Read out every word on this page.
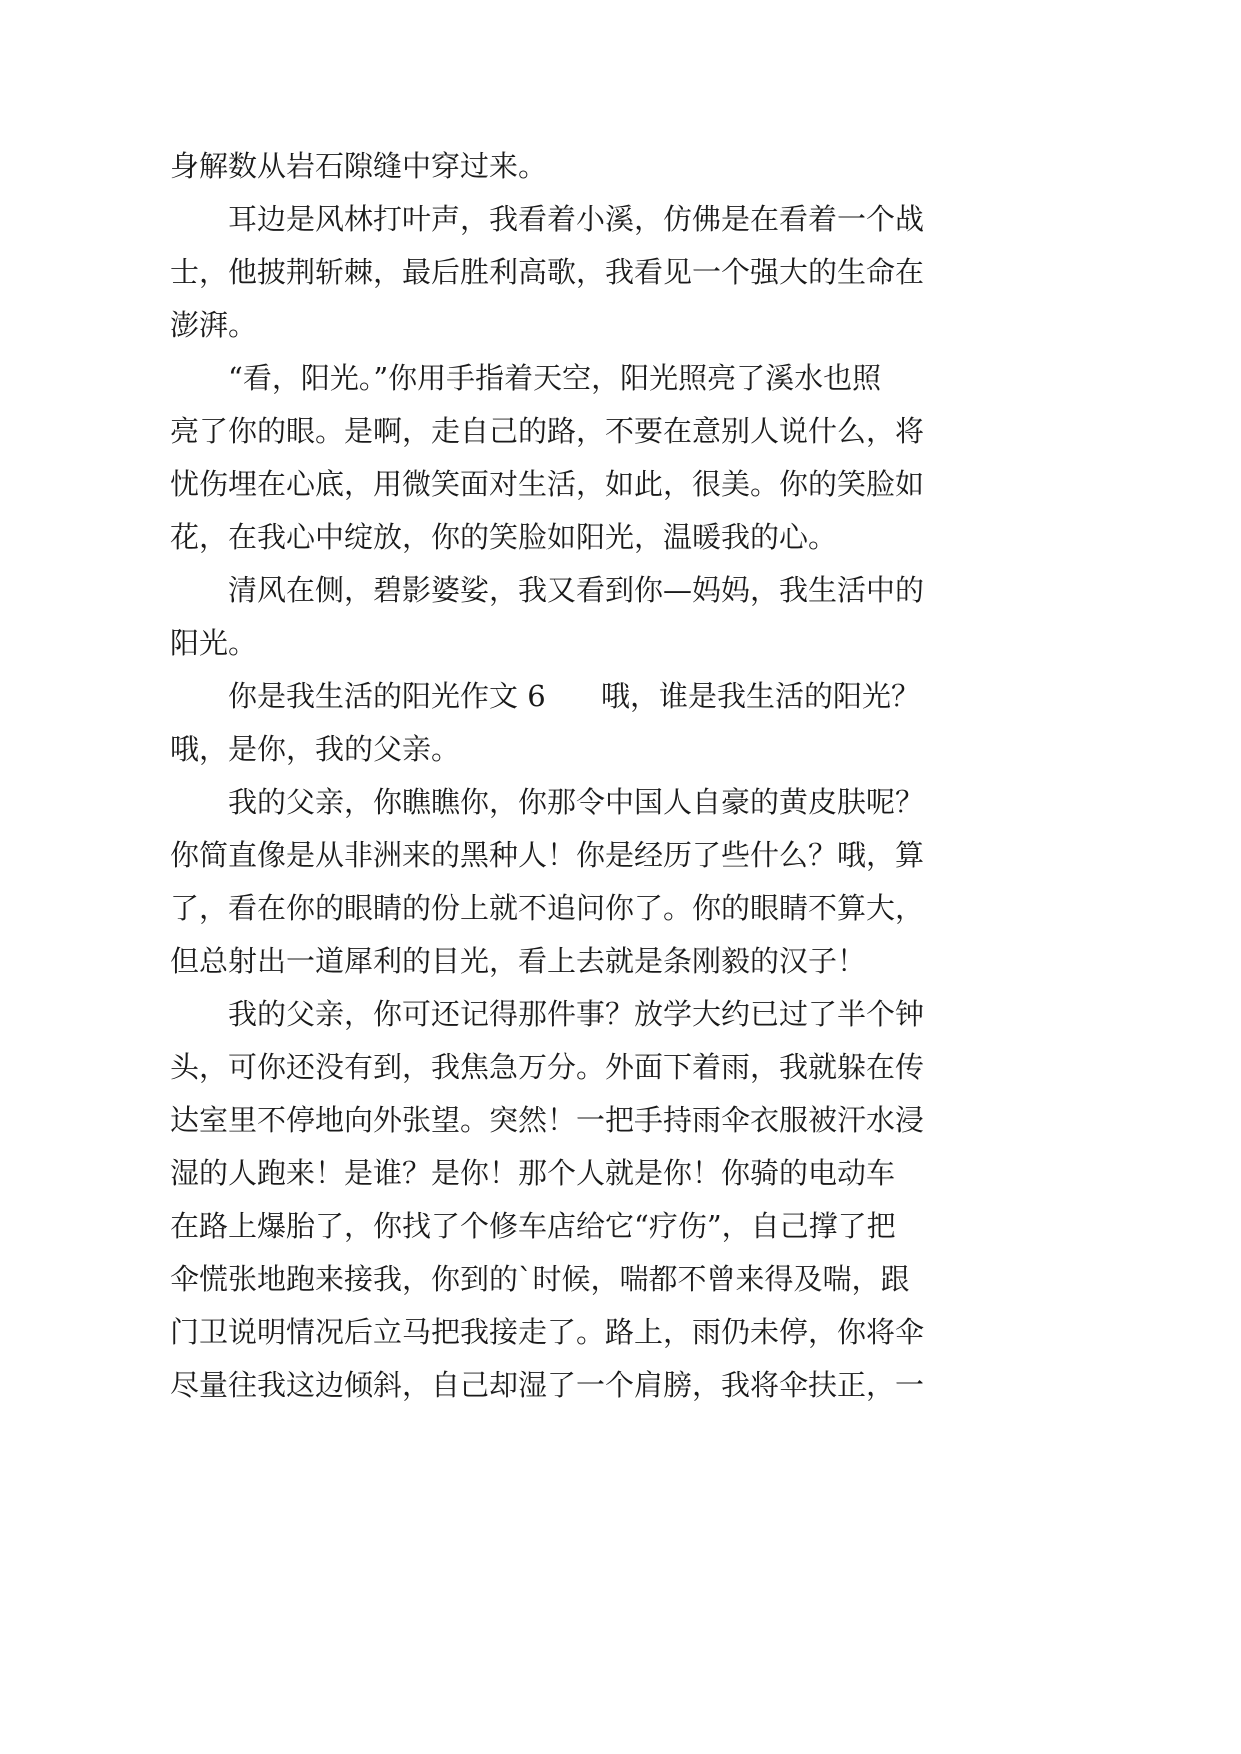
身解数从岩石隙缝中穿过来。
耳边是风林打叶声，我看着小溪，仿佛是在看着一个战
士，他披荆斩棘，最后胜利高歌，我看见一个强大的生命在
澎湃。
“看，阳光。”你用手指着天空，阳光照亮了溪水也照
亮了你的眼。是啊，走自己的路，不要在意别人说什么，将
忧伤埋在心底，用微笑面对生活，如此，很美。你的笑脸如
花，在我心中绽放，你的笑脸如阳光，温暖我的心。
清风在侧，碧影婆娑，我又看到你—妈妈，我生活中的
阳光。
你是我生活的阳光作文 6      哦，谁是我生活的阳光？
哦，是你，我的父亲。
我的父亲，你瞧瞧你，你那令中国人自豪的黄皮肤呢？
你简直像是从非洲来的黑种人！你是经历了些什么？哦，算
了，看在你的眼睛的份上就不追问你了。你的眼睛不算大，
但总射出一道犀利的目光，看上去就是条刚毅的汉子！
我的父亲，你可还记得那件事？放学大约已过了半个钟
头，可你还没有到，我焦急万分。外面下着雨，我就躲在传
达室里不停地向外张望。突然！一把手持雨伞衣服被汗水浸
湿的人跑来！是谁？是你！那个人就是你！你骑的电动车
在路上爆胎了，你找了个修车店给它“疗伤”，自己撑了把
伞慌张地跑来接我，你到的`时候，喘都不曾来得及喘，跟
门卫说明情况后立马把我接走了。路上，雨仍未停，你将伞
尽量往我这边倾斜，自己却湿了一个肩膀，我将伞扶正，一
